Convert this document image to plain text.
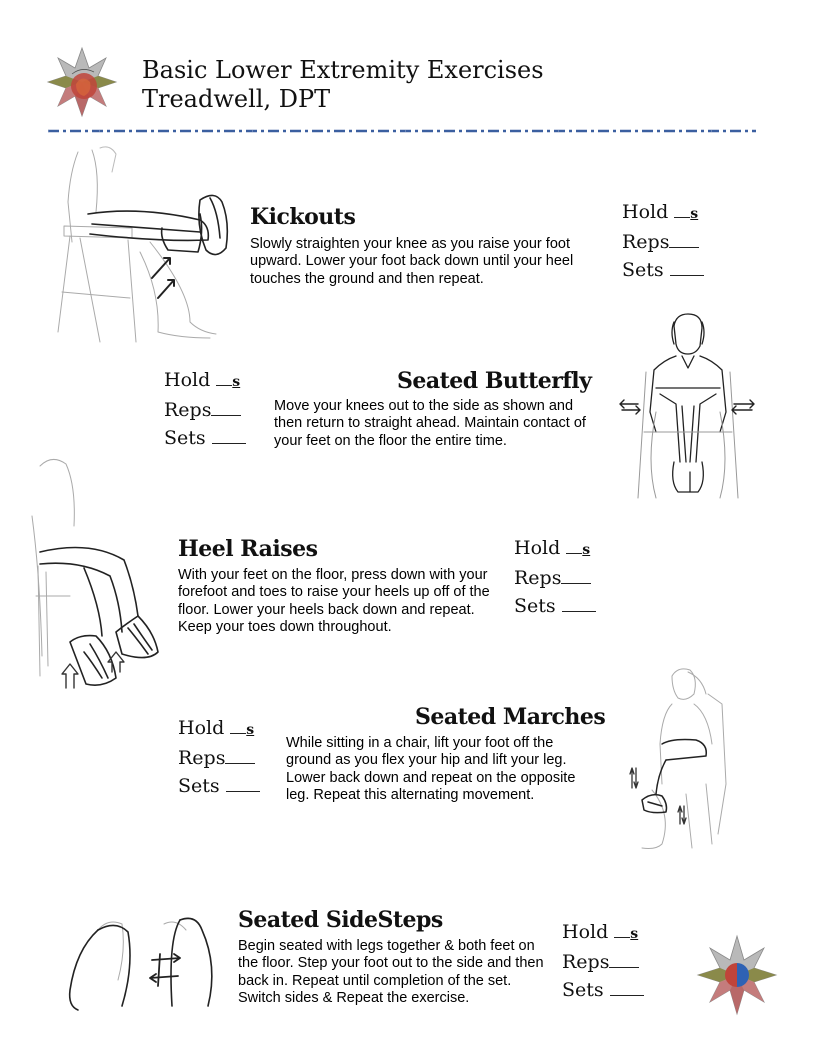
Basic Lower Extremity Exercises
Treadwell, DPT
Kickouts
Slowly straighten your knee as you raise your foot upward. Lower your foot back down until your heel touches the ground and then repeat.
Hold s
Reps
Sets
Hold s
Reps
Sets
Seated Butterfly
Move your knees out to the side as shown and then return to straight ahead. Maintain contact of your feet on the floor the entire time.
Heel Raises
With your feet on the floor, press down with your forefoot and toes to raise your heels up off of the floor. Lower your heels back down and repeat. Keep your toes down throughout.
Hold s
Reps
Sets
Hold s
Reps
Sets
Seated Marches
While sitting in a chair, lift your foot off the ground as you flex your hip and lift your leg. Lower back down and repeat on the opposite leg. Repeat this alternating movement.
Seated SideSteps
Begin seated with legs together & both feet on the floor. Step your foot out to the side and then back in. Repeat until completion of the set. Switch sides & Repeat the exercise.
Hold s
Reps
Sets
